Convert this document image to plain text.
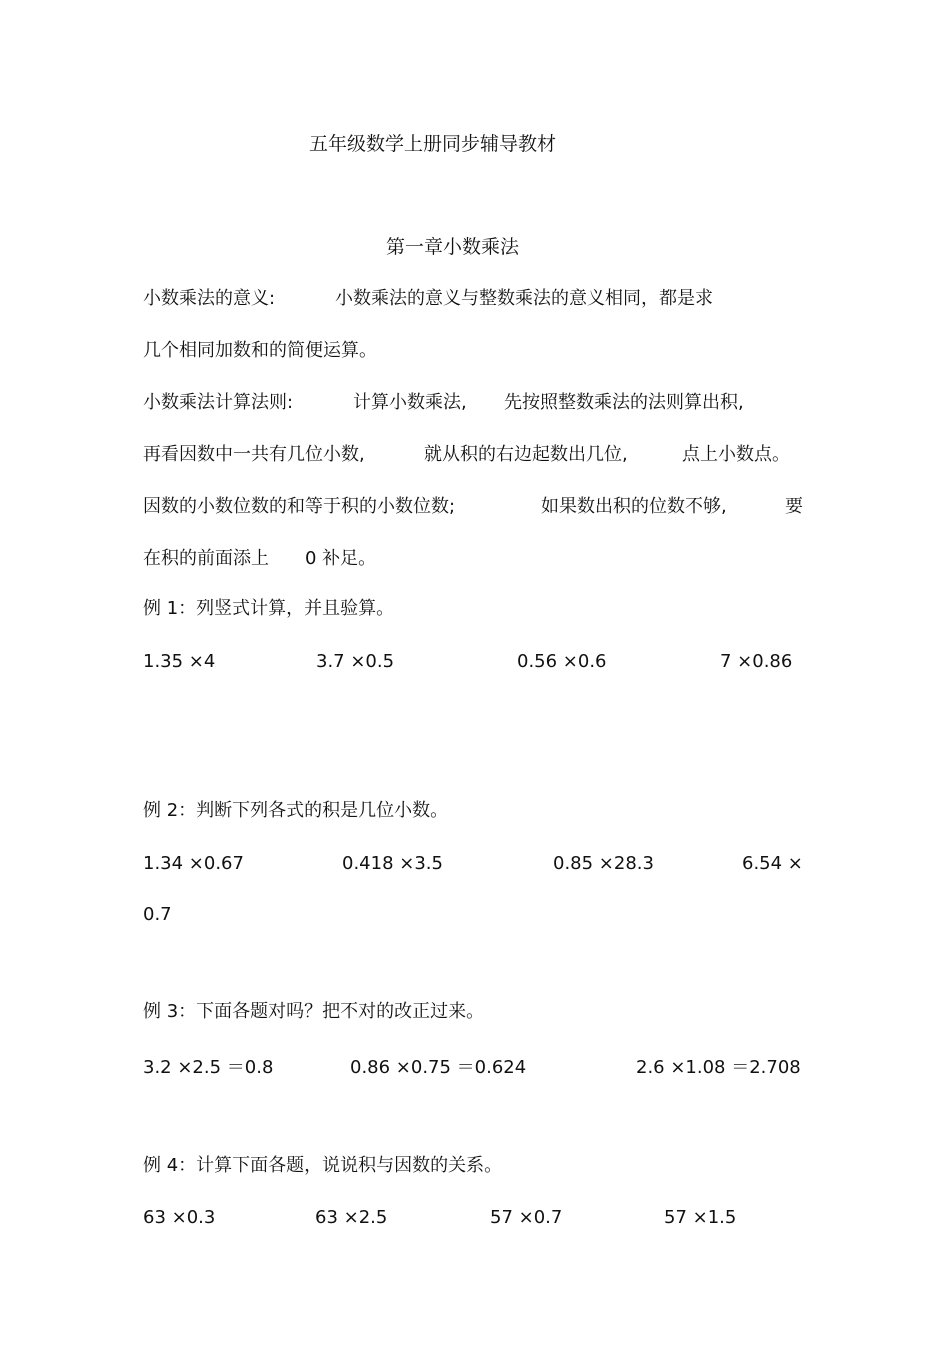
五年级数学上册同步辅导教材
第一章小数乘法
小数乘法的意义:	小数乘法的意义与整数乘法的意义相同，都是求
几个相同加数和的简便运算。
小数乘法计算法则:	计算小数乘法, 先按照整数乘法的法则算出积,
再看因数中一共有几位小数,	就从积的右边起数出几位,	点上小数点。
因数的小数位数的和等于积的小数位数;	如果数出积的位数不够,	要
在积的前面添上 0 补足。
例 1：列竖式计算，并且验算。
1.35 ×4	3.7 ×0.5	0.56 ×0.6	7 ×0.86
例 2：判断下列各式的积是几位小数。
1.34 ×0.67	0.418 ×3.5	0.85 ×28.3	6.54 ×
0.7
例 3：下面各题对吗？把不对的改正过来。
3.2 ×2.5 ＝0.8	0.86 ×0.75 ＝0.624	2.6 ×1.08 ＝2.708
例 4：计算下面各题，说说积与因数的关系。
63 ×0.3	63 ×2.5	57 ×0.7	57 ×1.5
